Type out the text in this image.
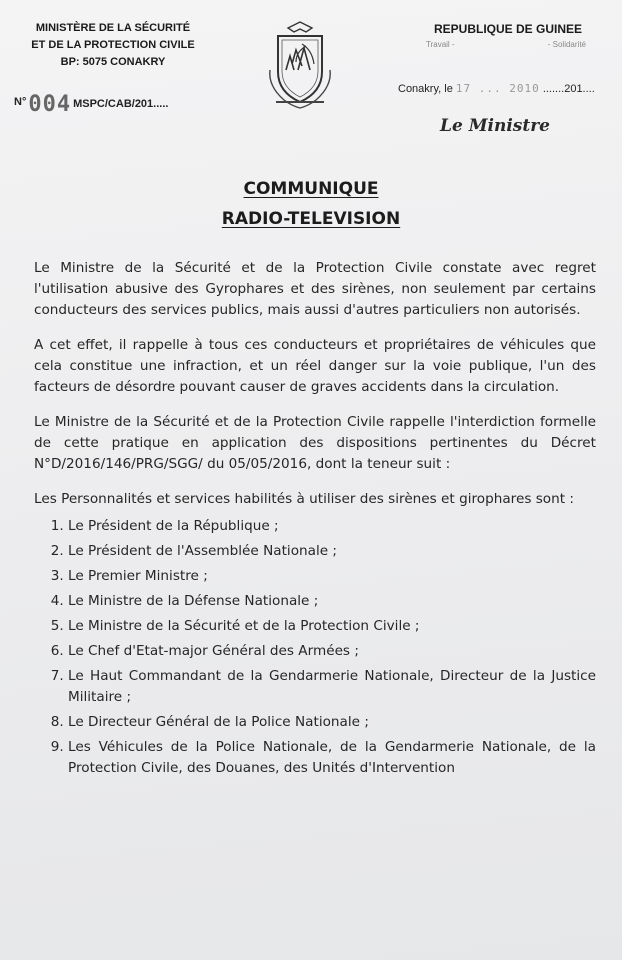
MINISTÈRE DE LA SÉCURITÉ
ET DE LA PROTECTION CIVILE
BP: 5075 CONAKRY
REPUBLIQUE DE GUINEE
Travail -	- Solidarité
N° 004 MSPC/CAB/201.....
Conakry, le 17 ... 2010 .......201....
Le Ministre
COMMUNIQUE
RADIO-TELEVISION

Le Ministre de la Sécurité et de la Protection Civile constate avec regret l'utilisation abusive des Gyrophares et des sirènes, non seulement par certains conducteurs des services publics, mais aussi d'autres particuliers non autorisés.

A cet effet, il rappelle à tous ces conducteurs et propriétaires de véhicules que cela constitue une infraction, et un réel danger sur la voie publique, l'un des facteurs de désordre pouvant causer de graves accidents dans la circulation.

Le Ministre de la Sécurité et de la Protection Civile rappelle l'interdiction formelle de cette pratique en application des dispositions pertinentes du Décret N°D/2016/146/PRG/SGG/ du 05/05/2016, dont la teneur suit :

Les Personnalités et services habilités à utiliser des sirènes et girophares sont :

1. Le Président de la République ;
2. Le Président de l'Assemblée Nationale ;
3. Le Premier Ministre ;
4. Le Ministre de la Défense Nationale ;
5. Le Ministre de la Sécurité et de la Protection Civile ;
6. Le Chef d'Etat-major Général des Armées ;
7. Le Haut Commandant de la Gendarmerie Nationale, Directeur de la Justice Militaire ;
8. Le Directeur Général de la Police Nationale ;
9. Les Véhicules de la Police Nationale, de la Gendarmerie Nationale, de la Protection Civile, des Douanes, des Unités d'Intervention
